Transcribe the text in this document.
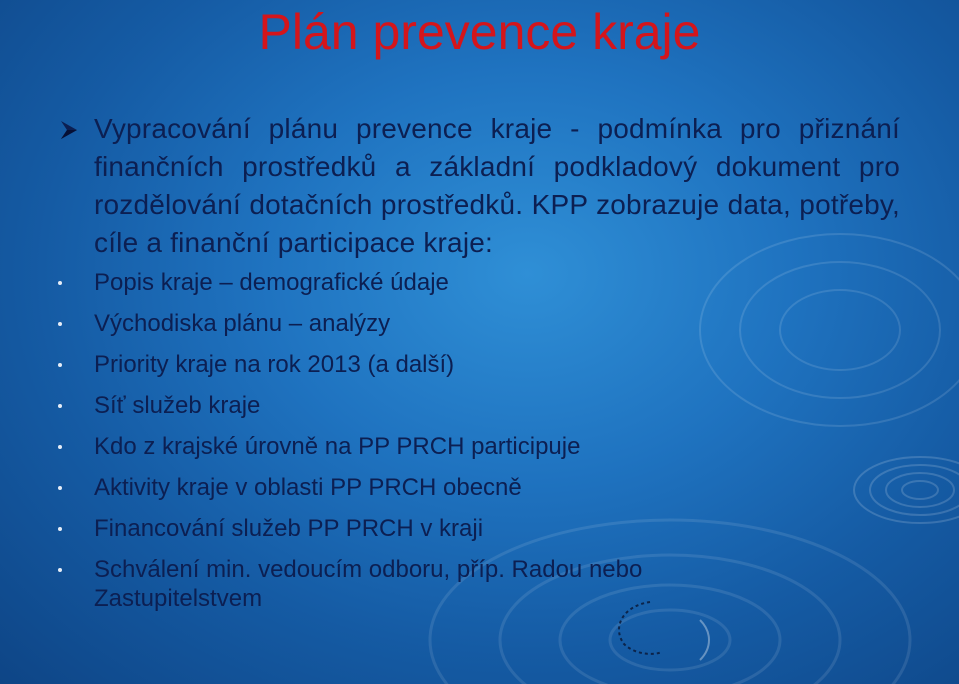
Plán prevence kraje
Vypracování plánu prevence kraje - podmínka pro přiznání finančních prostředků a základní podkladový dokument pro rozdělování dotačních prostředků. KPP zobrazuje data, potřeby, cíle a finanční participace kraje:
Popis kraje – demografické údaje
Východiska plánu – analýzy
Priority kraje na rok 2013 (a další)
Síť služeb kraje
Kdo z krajské úrovně na PP PRCH participuje
Aktivity kraje v oblasti PP PRCH obecně
Financování služeb PP PRCH v kraji
Schválení min. vedoucím odboru, příp. Radou nebo Zastupitelstvem
